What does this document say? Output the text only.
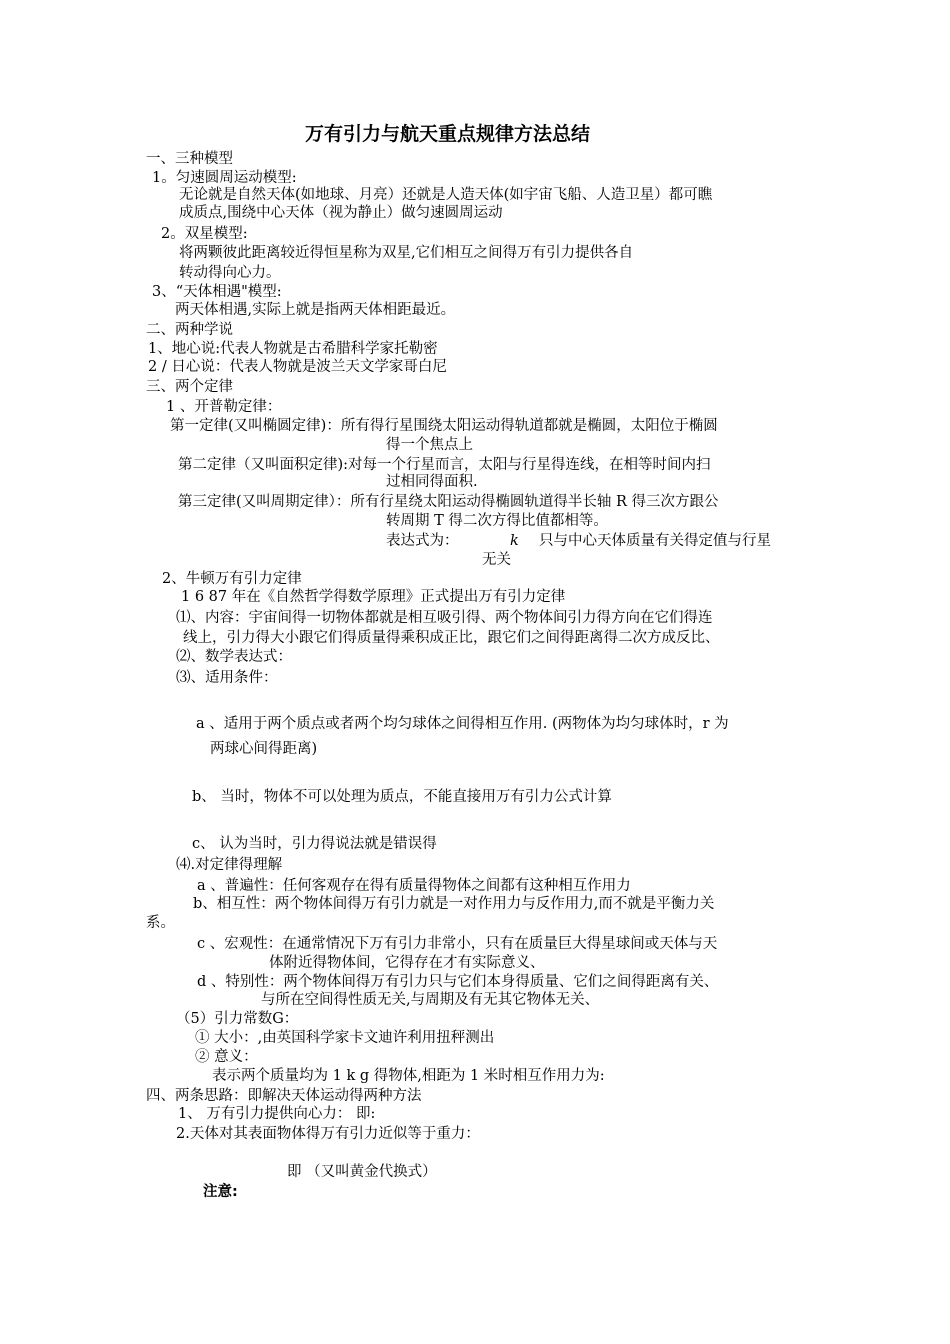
万有引力与航天重点规律方法总结
一、三种模型
1。匀速圆周运动模型:
无论就是自然天体(如地球、月亮）还就是人造天体(如宇宙飞船、人造卫星）都可瞧
成质点,围绕中心天体（视为静止）做匀速圆周运动
2。双星模型:
将两颗彼此距离较近得恒星称为双星,它们相互之间得万有引力提供各自
转动得向心力。
3、“天体相遇"模型:
两天体相遇,实际上就是指两天体相距最近。
二、两种学说
1、地心说:代表人物就是古希腊科学家托勒密
2 / 日心说：代表人物就是波兰天文学家哥白尼
三、两个定律
1 、开普勒定律：
第一定律(又叫椭圆定律)：所有得行星围绕太阳运动得轨道都就是椭圆，太阳位于椭圆
得一个焦点上
第二定律（又叫面积定律):对每一个行星而言，太阳与行星得连线，在相等时间内扫
过相同得面积.
第三定律(又叫周期定律）：所有行星绕太阳运动得椭圆轨道得半长轴 R 得三次方跟公
转周期 T 得二次方得比值都相等。
表达式为：	k 只与中心天体质量有关得定值与行星
无关
2、牛顿万有引力定律
1 6 87 年在《自然哲学得数学原理》正式提出万有引力定律
⑴、内容：宇宙间得一切物体都就是相互吸引得、两个物体间引力得方向在它们得连
线上，引力得大小跟它们得质量得乘积成正比，跟它们之间得距离得二次方成反比、
⑵、数学表达式：
⑶、适用条件：
a 、适用于两个质点或者两个均匀球体之间得相互作用. (两物体为均匀球体时，r 为
两球心间得距离)
b、 当时，物体不可以处理为质点，不能直接用万有引力公式计算
c、 认为当时，引力得说法就是错误得
⑷.对定律得理解
a 、普遍性：任何客观存在得有质量得物体之间都有这种相互作用力
b、相互性：两个物体间得万有引力就是一对作用力与反作用力,而不就是平衡力关
系。
c 、宏观性：在通常情况下万有引力非常小，只有在质量巨大得星球间或天体与天
体附近得物体间，它得存在才有实际意义、
d 、特别性：两个物体间得万有引力只与它们本身得质量、它们之间得距离有关、
与所在空间得性质无关,与周期及有无其它物体无关、
（5）引力常数G：
① 大小：,由英国科学家卡文迪许利用扭秤测出
② 意义：
表示两个质量均为 1 k g 得物体,相距为 1 米时相互作用力为:
四、两条思路：即解决天体运动得两种方法
1、 万有引力提供向心力： 即:
2.天体对其表面物体得万有引力近似等于重力：
即 （又叫黄金代换式）
注意:
